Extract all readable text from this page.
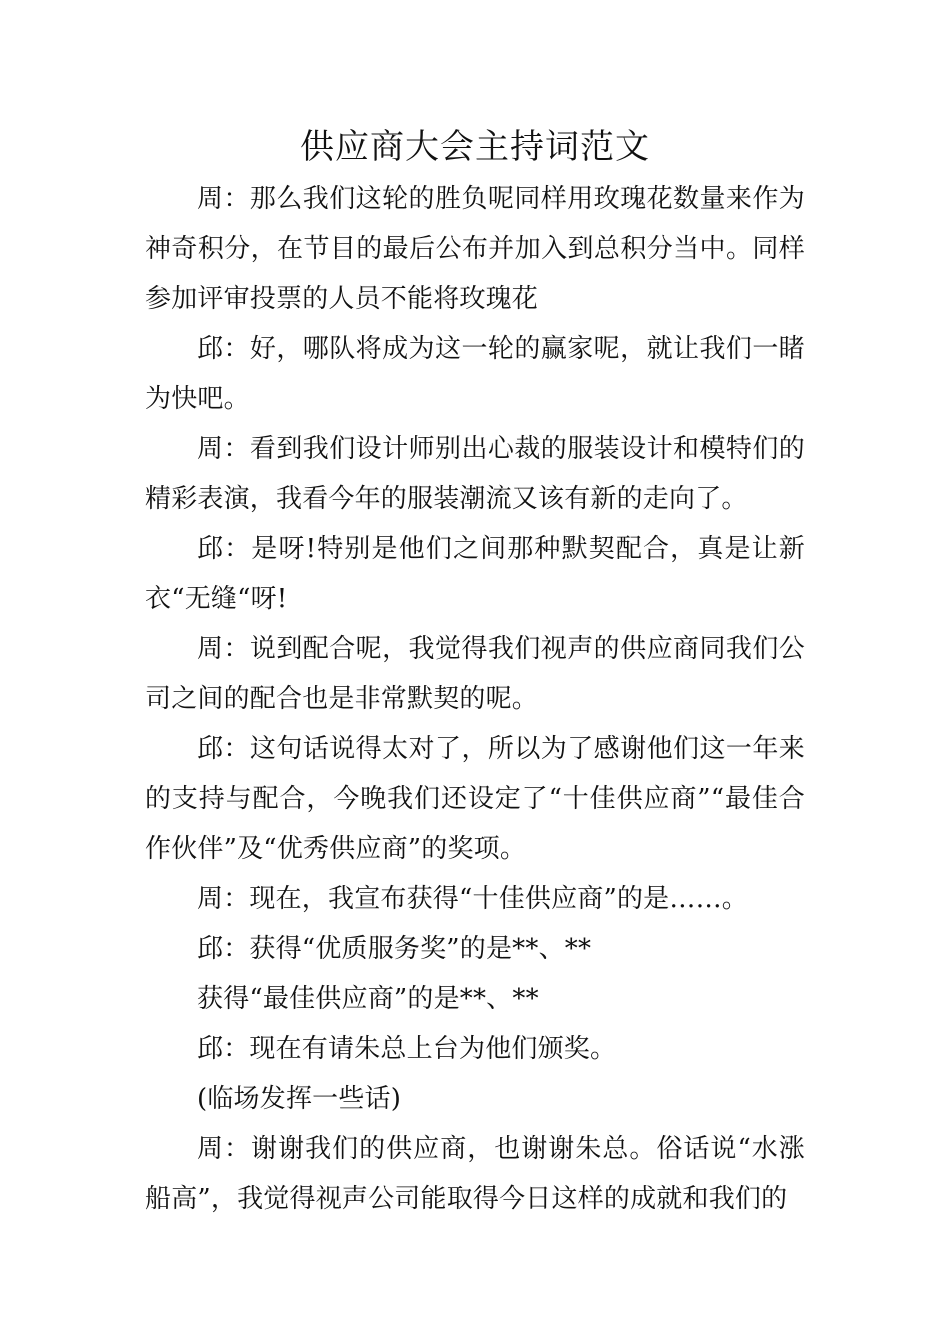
供应商大会主持词范文

周：那么我们这轮的胜负呢同样用玫瑰花数量来作为神奇积分，在节目的最后公布并加入到总积分当中。同样参加评审投票的人员不能将玫瑰花

邱：好，哪队将成为这一轮的赢家呢，就让我们一睹为快吧。

周：看到我们设计师别出心裁的服装设计和模特们的精彩表演，我看今年的服装潮流又该有新的走向了。

邱：是呀!特别是他们之间那种默契配合，真是让新衣“无缝“呀!

周：说到配合呢，我觉得我们视声的供应商同我们公司之间的配合也是非常默契的呢。

邱：这句话说得太对了，所以为了感谢他们这一年来的支持与配合，今晚我们还设定了“十佳供应商”“最佳合作伙伴”及“优秀供应商”的奖项。

周：现在，我宣布获得“十佳供应商”的是……。

邱：获得“优质服务奖”的是**、**

获得“最佳供应商”的是**、**

邱：现在有请朱总上台为他们颁奖。

(临场发挥一些话)

周：谢谢我们的供应商，也谢谢朱总。俗话说“水涨船高”，我觉得视声公司能取得今日这样的成就和我们的
